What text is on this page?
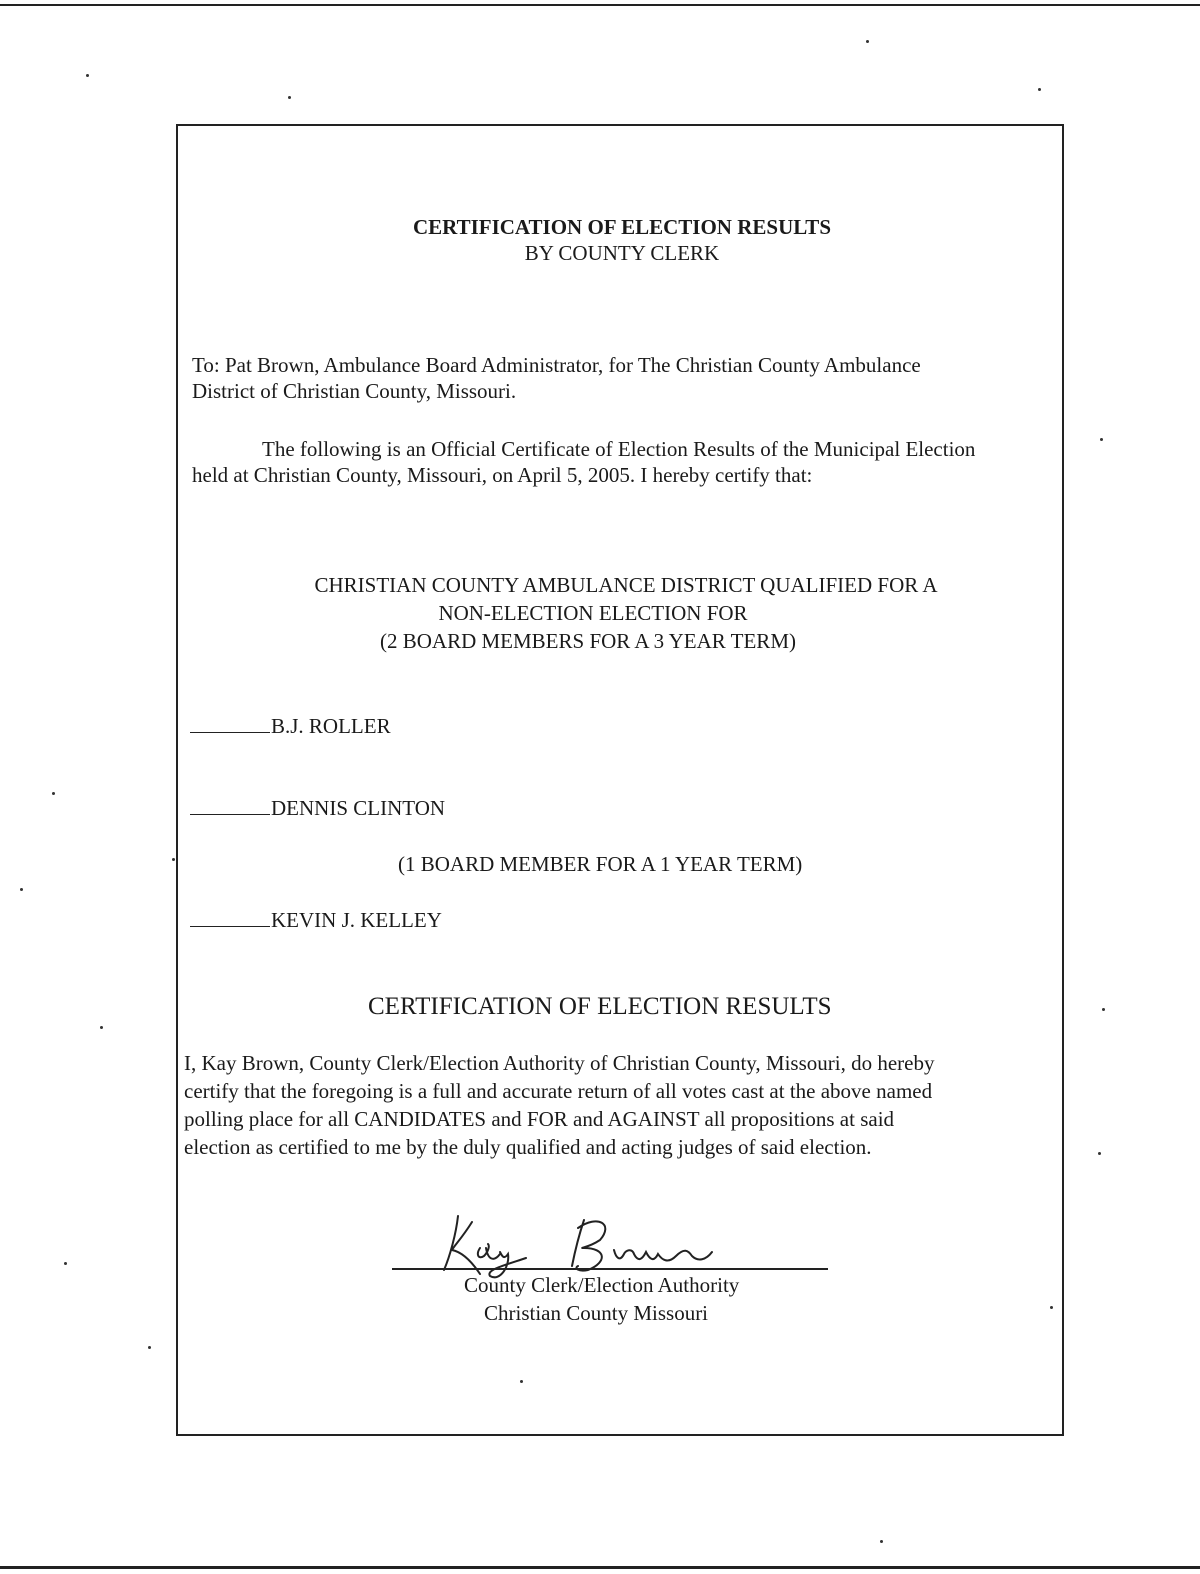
CERTIFICATION OF ELECTION RESULTS
BY COUNTY CLERK
To: Pat Brown, Ambulance Board Administrator, for The Christian County Ambulance
District of Christian County, Missouri.
The following is an Official Certificate of Election Results of the Municipal Election
held at Christian County, Missouri, on April 5, 2005. I hereby certify that:
CHRISTIAN COUNTY AMBULANCE DISTRICT QUALIFIED FOR A
NON-ELECTION ELECTION FOR
(2 BOARD MEMBERS FOR A 3 YEAR TERM)
B.J. ROLLER
DENNIS CLINTON
(1 BOARD MEMBER FOR A 1 YEAR TERM)
KEVIN J. KELLEY
CERTIFICATION OF ELECTION RESULTS
I, Kay Brown, County Clerk/Election Authority of Christian County, Missouri, do hereby
certify that the foregoing is a full and accurate return of all votes cast at the above named
polling place for all CANDIDATES and FOR and AGAINST all propositions at said
election as certified to me by the duly qualified and acting judges of said election.
County Clerk/Election Authority
Christian County Missouri
